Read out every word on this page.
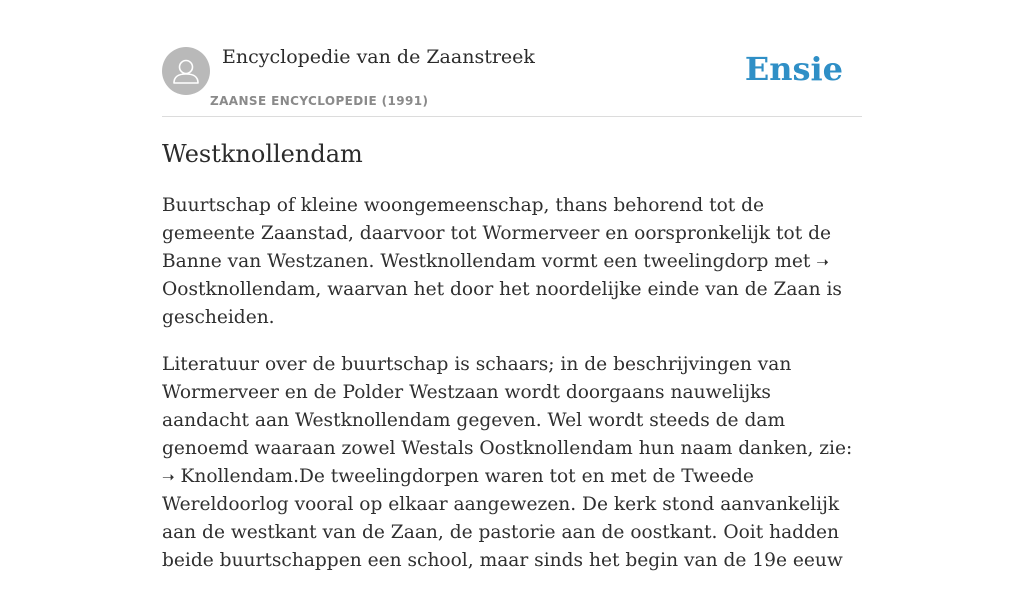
Encyclopedie van de Zaanstreek
ZAANSE ENCYCLOPEDIE (1991)
Ensie
Westknollendam

Buurtschap of kleine woongemeenschap, thans behorend tot de gemeente Zaanstad, daarvoor tot Wormerveer en oorspronkelijk tot de Banne van Westzanen. Westknollendam vormt een tweelingdorp met ➝ Oostknollendam, waarvan het door het noordelijke einde van de Zaan is gescheiden.

Literatuur over de buurtschap is schaars; in de beschrijvingen van Wormerveer en de Polder Westzaan wordt doorgaans nauwelijks aandacht aan Westknollendam gegeven. Wel wordt steeds de dam genoemd waaraan zowel Westals Oostknollendam hun naam danken, zie: ➝ Knollendam.De tweelingdorpen waren tot en met de Tweede Wereldoorlog vooral op elkaar aangewezen. De kerk stond aanvankelijk aan de westkant van de Zaan, de pastorie aan de oostkant. Ooit hadden beide buurtschappen een school, maar sinds het begin van de 19e eeuw
